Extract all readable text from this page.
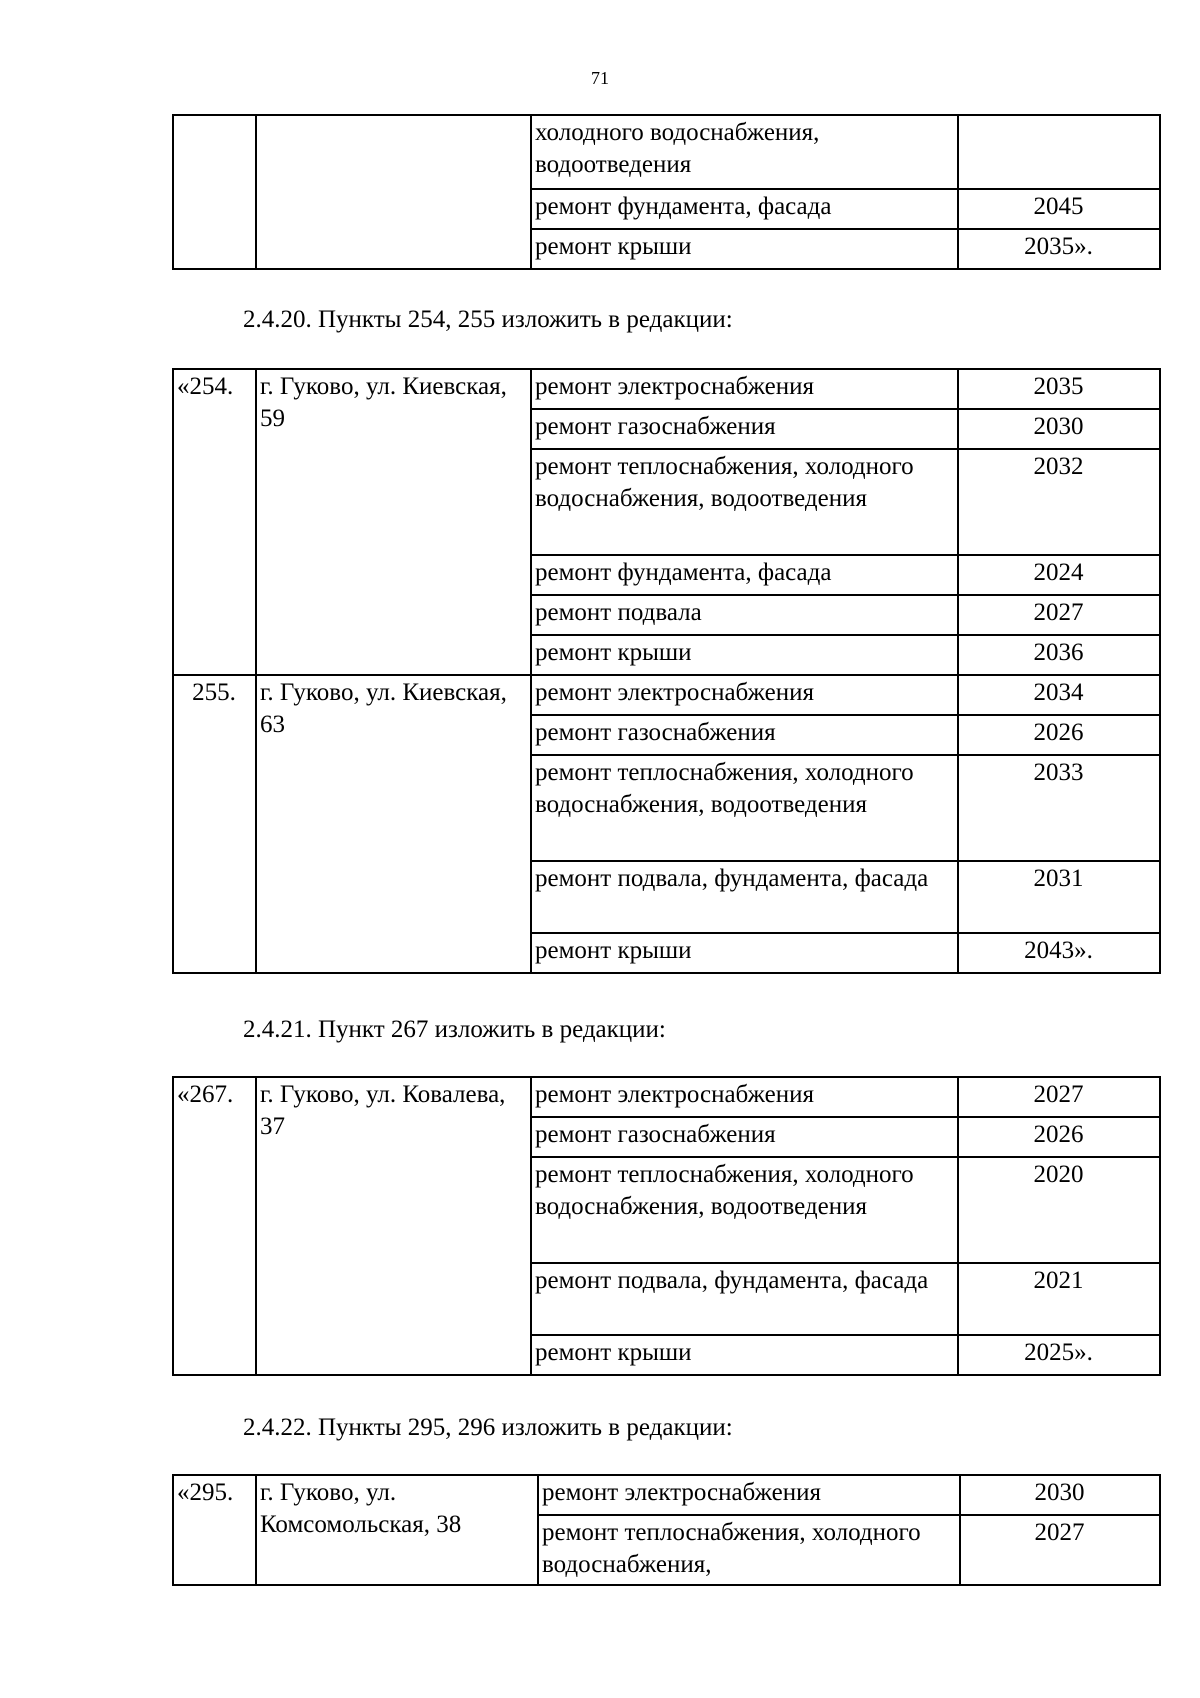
71
		холодного водоснабжения, водоотведения	
		ремонт фундамента, фасада	2045
		ремонт крыши	2035».
2.4.20. Пункты 254, 255 изложить в редакции:
«254.	г. Гуково, ул. Киевская, 59	ремонт электроснабжения	2035
		ремонт газоснабжения	2030
		ремонт теплоснабжения, холодного водоснабжения, водоотведения	2032
		ремонт фундамента, фасада	2024
		ремонт подвала	2027
		ремонт крыши	2036
255.	г. Гуково, ул. Киевская, 63	ремонт электроснабжения	2034
		ремонт газоснабжения	2026
		ремонт теплоснабжения, холодного водоснабжения, водоотведения	2033
		ремонт подвала, фундамента, фасада	2031
		ремонт крыши	2043».
2.4.21. Пункт 267 изложить в редакции:
«267.	г. Гуково, ул. Ковалева, 37	ремонт электроснабжения	2027
		ремонт газоснабжения	2026
		ремонт теплоснабжения, холодного водоснабжения, водоотведения	2020
		ремонт подвала, фундамента, фасада	2021
		ремонт крыши	2025».
2.4.22. Пункты 295, 296 изложить в редакции:
«295.	г. Гуково, ул. Комсомольская, 38	ремонт электроснабжения	2030
		ремонт теплоснабжения, холодного водоснабжения,	2027
